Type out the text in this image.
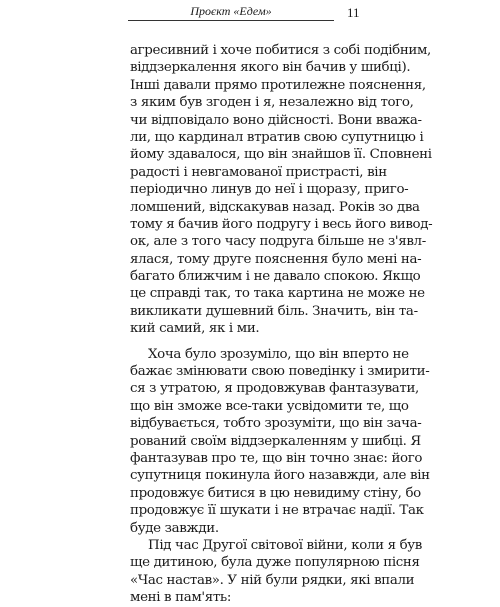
Проєкт «Едем»	11
агресивний і хоче побитися з собі подібним,
віддзеркалення якого він бачив у шибці).
Інші давали прямо протилежне пояснення,
з яким був згоден і я, незалежно від того,
чи відповідало воно дійсності. Вони вважа-
ли, що кардинал втратив свою супутницю і
йому здавалося, що він знайшов її. Сповнені
радості і невгамованої пристрасті, він
періодично линув до неї і щоразу, приго-
ломшений, відскакував назад. Років зо два
тому я бачив його подругу і весь його вивод-
ок, але з того часу подруга більше не з'явл-
ялася, тому друге пояснення було мені на-
багато ближчим і не давало спокою. Якщо
це справді так, то така картина не може не
викликати душевний біль. Значить, він та-
кий самий, як і ми.
Хоча було зрозуміло, що він вперто не
бажає змінювати свою поведінку і змирити-
ся з утратою, я продовжував фантазувати,
що він зможе все-таки усвідомити те, що
відбувається, тобто зрозуміти, що він зача-
рований своїм віддзеркаленням у шибці. Я
фантазував про те, що він точно знає: його
супутниця покинула його назавжди, але він
продовжує битися в цю невидиму стіну, бо
продовжує її шукати і не втрачає надії. Так
буде завжди.
Під час Другої світової війни, коли я був
ще дитиною, була дуже популярною пісня
«Час настав». У ній були рядки, які впали
мені в пам'ять:
